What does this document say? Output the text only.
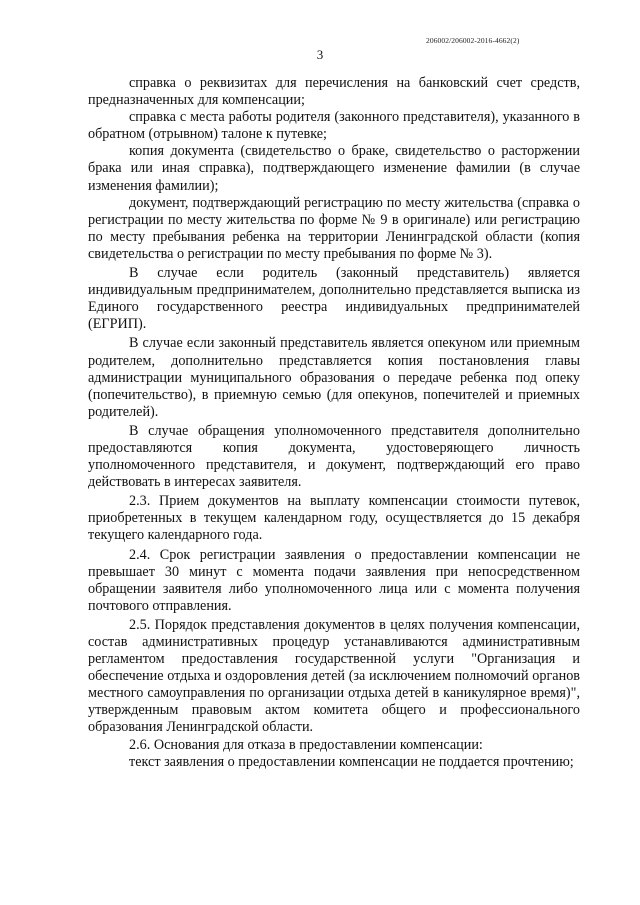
206002/206002-2016-4662(2)
3

справка о реквизитах для перечисления на банковский счет средств, предназначенных для компенсации;

справка с места работы родителя (законного представителя), указанного в обратном (отрывном) талоне к путевке;

копия документа (свидетельство о браке, свидетельство о расторжении брака или иная справка), подтверждающего изменение фамилии (в случае изменения фамилии);

документ, подтверждающий регистрацию по месту жительства (справка о регистрации по месту жительства по форме № 9 в оригинале) или регистрацию по месту пребывания ребенка на территории Ленинградской области (копия свидетельства о регистрации по месту пребывания по форме № 3).

В случае если родитель (законный представитель) является индивидуальным предпринимателем, дополнительно представляется выписка из Единого государственного реестра индивидуальных предпринимателей (ЕГРИП).

В случае если законный представитель является опекуном или приемным родителем, дополнительно представляется копия постановления главы администрации муниципального образования о передаче ребенка под опеку (попечительство), в приемную семью (для опекунов, попечителей и приемных родителей).

В случае обращения уполномоченного представителя дополнительно предоставляются копия документа, удостоверяющего личность уполномоченного представителя, и документ, подтверждающий его право действовать в интересах заявителя.

2.3. Прием документов на выплату компенсации стоимости путевок, приобретенных в текущем календарном году, осуществляется до 15 декабря текущего календарного года.

2.4. Срок регистрации заявления о предоставлении компенсации не превышает 30 минут с момента подачи заявления при непосредственном обращении заявителя либо уполномоченного лица или с момента получения почтового отправления.

2.5. Порядок представления документов в целях получения компенсации, состав административных процедур устанавливаются административным регламентом предоставления государственной услуги "Организация и обеспечение отдыха и оздоровления детей (за исключением полномочий органов местного самоуправления по организации отдыха детей в каникулярное время)", утвержденным правовым актом комитета общего и профессионального образования Ленинградской области.

2.6. Основания для отказа в предоставлении компенсации:

текст заявления о предоставлении компенсации не поддается прочтению;
